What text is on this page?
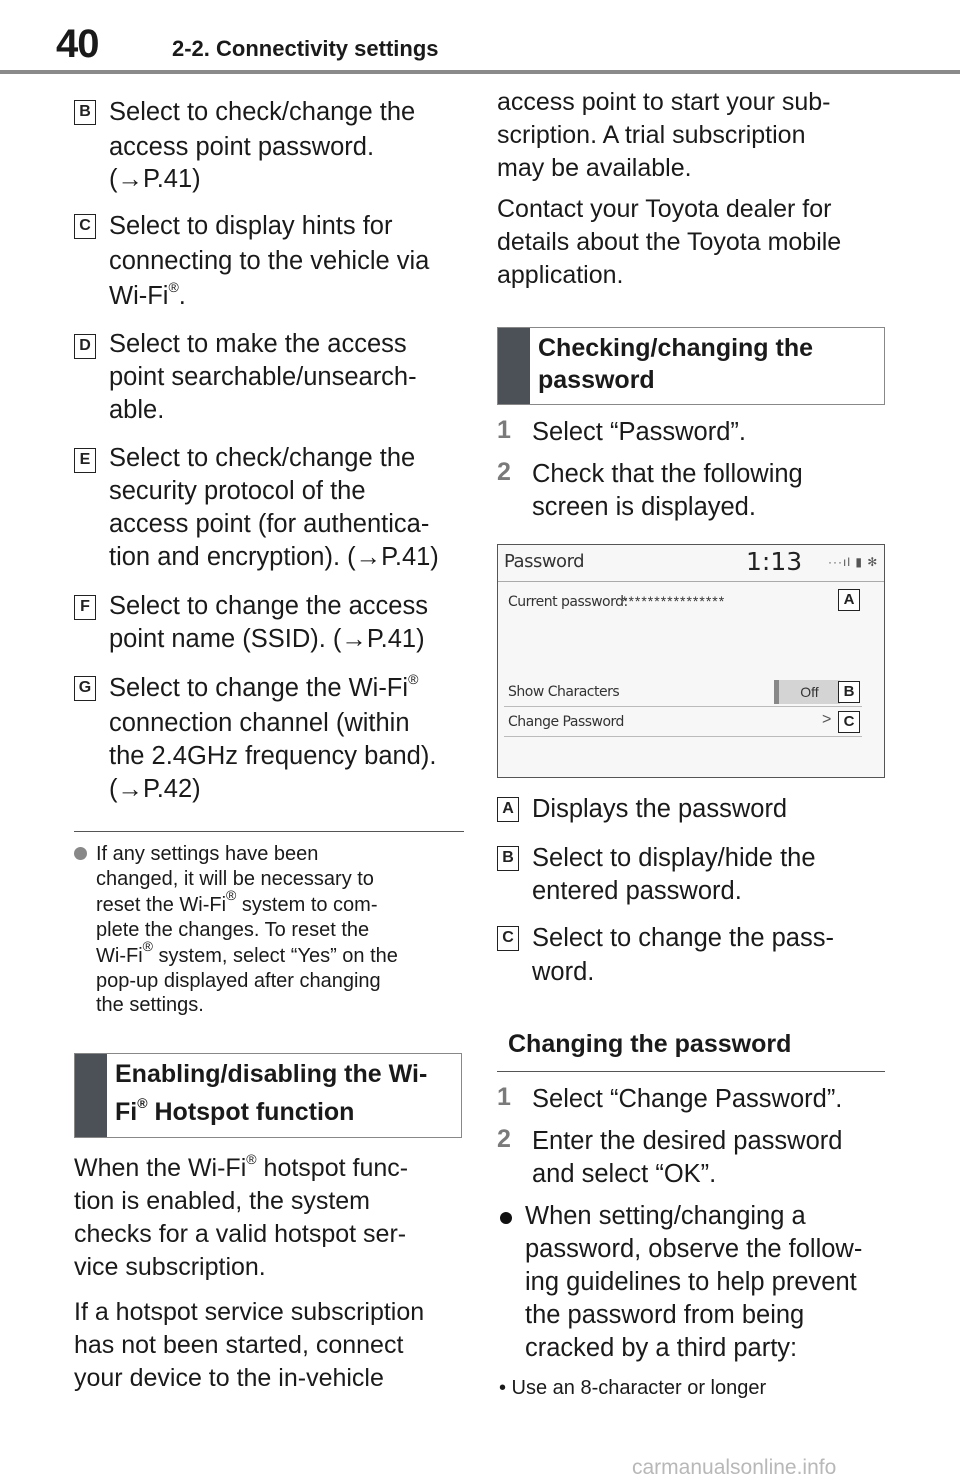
40	2-2. Connectivity settings
B Select to check/change the
access point password.
(→P.41)
C Select to display hints for
connecting to the vehicle via
Wi-Fi®.
D Select to make the access
point searchable/unsearch-
able.
E Select to check/change the
security protocol of the
access point (for authentica-
tion and encryption). (→P.41)
F Select to change the access
point name (SSID). (→P.41)
G Select to change the Wi-Fi®
connection channel (within
the 2.4GHz frequency band).
(→P.42)
If any settings have been
changed, it will be necessary to
reset the Wi-Fi® system to com-
plete the changes. To reset the
Wi-Fi® system, select “Yes” on the
pop-up displayed after changing
the settings.
Enabling/disabling the Wi-
Fi® Hotspot function
When the Wi-Fi® hotspot func-
tion is enabled, the system
checks for a valid hotspot ser-
vice subscription.
If a hotspot service subscription
has not been started, connect
your device to the in-vehicle
access point to start your sub-
scription. A trial subscription
may be available.
Contact your Toyota dealer for
details about the Toyota mobile
application.
Checking/changing the
password
1 Select “Password”.
2 Check that the following
screen is displayed.
Password	1:13 ···ıl ▮ ✻
Current password:
****************
Show Characters	Off
Change Password	>
A
B
C
A Displays the password
B Select to display/hide the
entered password.
C Select to change the pass-
word.
Changing the password
1 Select “Change Password”.
2 Enter the desired password
and select “OK”.
When setting/changing a
password, observe the follow-
ing guidelines to help prevent
the password from being
cracked by a third party:
• Use an 8-character or longer
carmanualsonline.info
